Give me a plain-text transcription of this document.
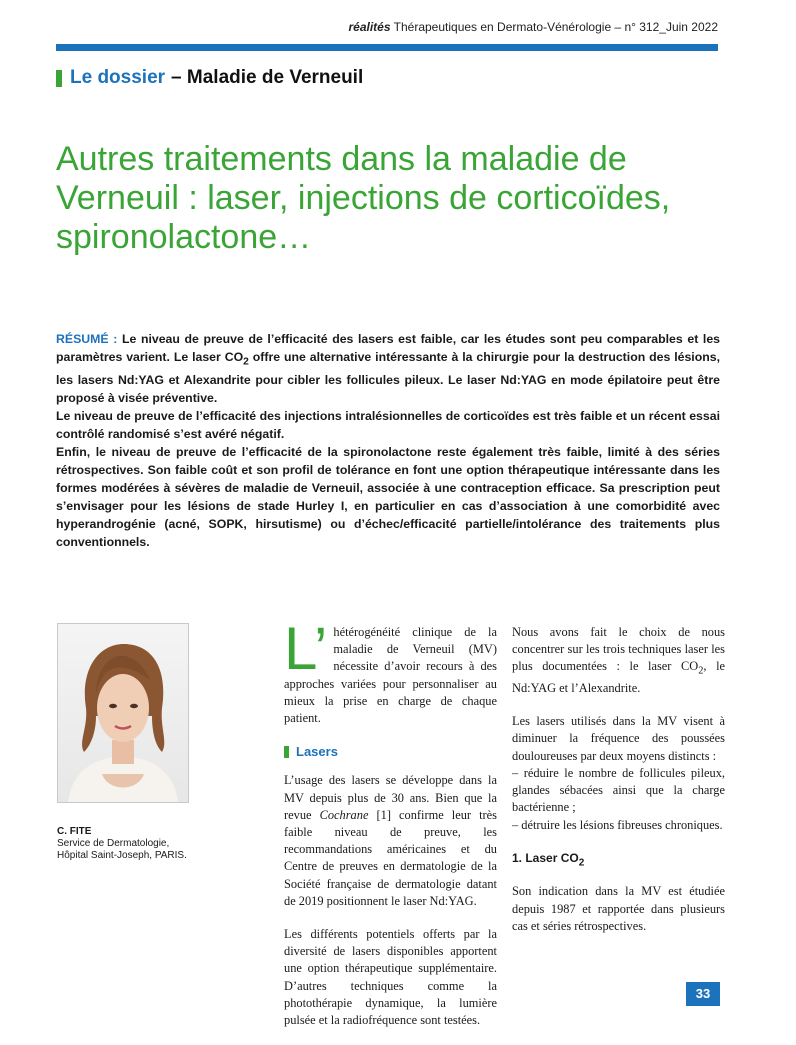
réalités Thérapeutiques en Dermato-Vénérologie – n° 312_Juin 2022
Le dossier – Maladie de Verneuil
Autres traitements dans la maladie de Verneuil : laser, injections de corticoïdes, spironolactone…

RÉSUMÉ : Le niveau de preuve de l’efficacité des lasers est faible, car les études sont peu comparables et les paramètres varient. Le laser $CO_2$ offre une alternative intéressante à la chirurgie pour la destruction des lésions, les lasers Nd:YAG et Alexandrite pour cibler les follicules pileux. Le laser Nd:YAG en mode épilatoire peut être proposé à visée préventive.

Le niveau de preuve de l’efficacité des injections intralésionnelles de corticoïdes est très faible et un récent essai contrôlé randomisé s’est avéré négatif.

Enfin, le niveau de preuve de l’efficacité de la spironolactone reste également très faible, limité à des séries rétrospectives. Son faible coût et son profil de tolérance en font une option thérapeutique intéressante dans les formes modérées à sévères de maladie de Verneuil, associée à une contraception efficace. Sa prescription peut s’envisager pour les lésions de stade Hurley I, en particulier en cas d’association à une comorbidité avec hyperandrogénie (acné, SOPK, hirsutisme) ou d’échec/efficacité partielle/intolérance des traitements plus conventionnels.

C. FITE
Service de Dermatologie,
Hôpital Saint-Joseph, PARIS.

L’ hétérogénéité clinique de la maladie de Verneuil (MV) nécessite d’avoir recours à des approches variées pour personnaliser au mieux la prise en charge de chaque patient.

Lasers

L’usage des lasers se développe dans la MV depuis plus de 30 ans. Bien que la revue Cochrane [1] confirme leur très faible niveau de preuve, les recommandations américaines et du Centre de preuves en dermatologie de la Société française de dermatologie datant de 2019 positionnent le laser Nd:YAG.

Les différents potentiels offerts par la diversité de lasers disponibles apportent une option thérapeutique supplémentaire. D’autres techniques comme la photothérapie dynamique, la lumière pulsée et la radiofréquence sont testées.

Nous avons fait le choix de nous concentrer sur les trois techniques laser les plus documentées : le laser $CO_2$, le Nd:YAG et l’Alexandrite.

Les lasers utilisés dans la MV visent à diminuer la fréquence des poussées douloureuses par deux moyens distincts :

– réduire le nombre de follicules pileux, glandes sébacées ainsi que la charge bactérienne ;

– détruire les lésions fibreuses chroniques.

1. Laser $CO_2$

Son indication dans la MV est étudiée depuis 1987 et rapportée dans plusieurs cas et séries rétrospectives.

33
